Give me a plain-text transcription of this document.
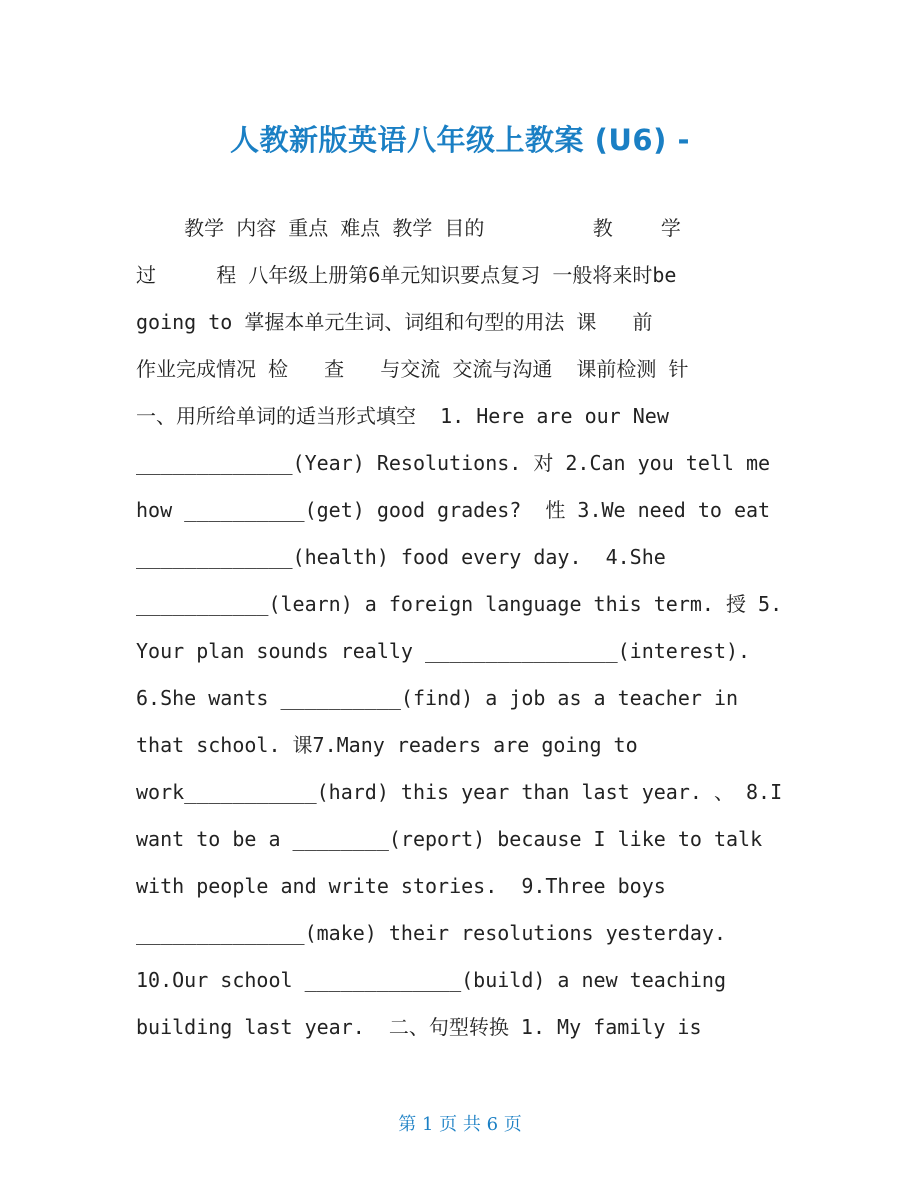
人教新版英语八年级上教案 (U6) -
教学 内容 重点 难点 教学 目的         教    学
过     程 八年级上册第6单元知识要点复习 一般将来时be
going to 掌握本单元生词、词组和句型的用法 课   前
作业完成情况 检   查   与交流 交流与沟通  课前检测 针
一、用所给单词的适当形式填空  1. Here are our New
_____________(Year) Resolutions. 对 2.Can you tell me
how __________(get) good grades?  性 3.We need to eat
_____________(health) food every day.  4.She
___________(learn) a foreign language this term. 授 5.
Your plan sounds really ________________(interest).
6.She wants __________(find) a job as a teacher in
that school. 课7.Many readers are going to
work___________(hard) this year than last year. 、 8.I
want to be a ________(report) because I like to talk
with people and write stories.  9.Three boys
______________(make) their resolutions yesterday.
10.Our school _____________(build) a new teaching
building last year.  二、句型转换 1. My family is
第 1 页 共 6 页
